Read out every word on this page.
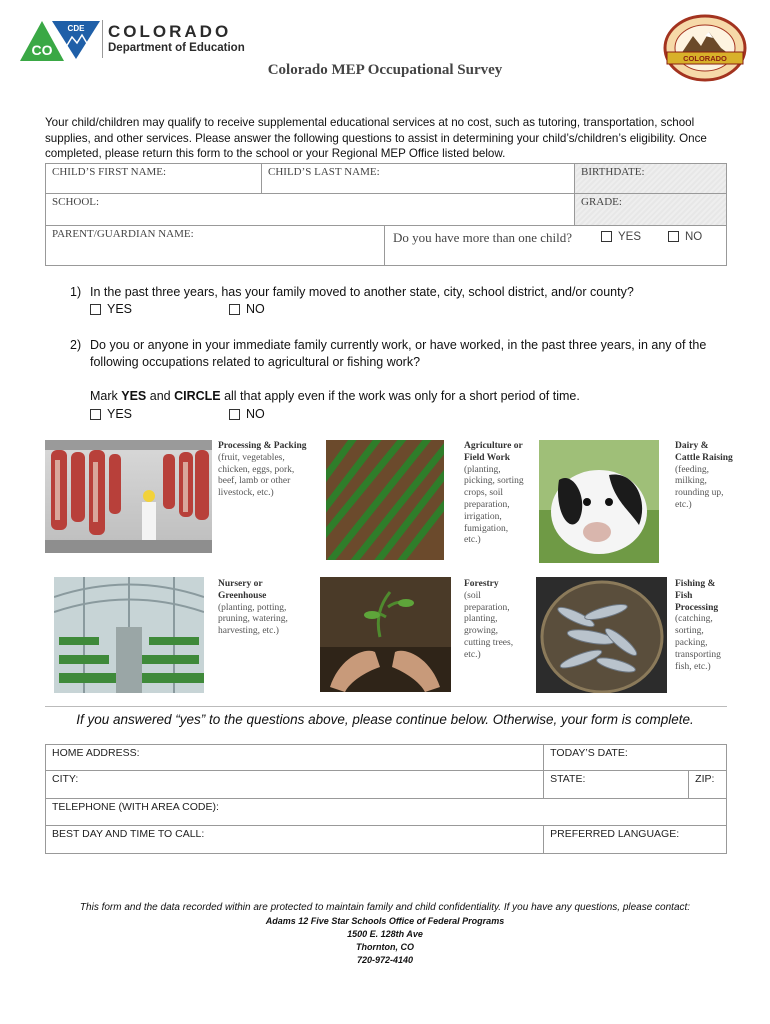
CO
CDE COLORADO
Department of Education
COLORADO
Colorado MEP Occupational Survey
Your child/children may qualify to receive supplemental educational services at no cost, such as tutoring, transportation, school supplies, and other services. Please answer the following questions to assist in determining your child’s/children’s eligibility. Once completed, please return this form to the school or your Regional MEP Office listed below.
CHILD’S FIRST NAME:	CHILD’S LAST NAME:	BIRTHDATE:
SCHOOL:		GRADE:
PARENT/GUARDIAN NAME: Do you have more than one child? YES NO		
1) In the past three years, has your family moved to another state, city, school district, and/or county?
YES	NO
2) Do you or anyone in your immediate family currently work, or have worked, in the past three years, in any of the following occupations related to agricultural or fishing work?
Mark YES and CIRCLE all that apply even if the work was only for a short period of time.
YES	NO
Processing & Packing
(fruit, vegetables, chicken, eggs, pork, beef, lamb or other livestock, etc.)
Agriculture or Field Work
(planting, picking, sorting crops, soil preparation, irrigation, fumigation, etc.)
Dairy & Cattle Raising
(feeding, milking, rounding up, etc.)
Nursery or Greenhouse
(planting, potting, pruning, watering, harvesting, etc.)
Forestry
(soil preparation, planting, growing, cutting trees, etc.)
Fishing & Fish Processing
(catching, sorting, packing, transporting fish, etc.)
If you answered “yes” to the questions above, please continue below. Otherwise, your form is complete.
HOME ADDRESS:	TODAY’S DATE:	
CITY:	STATE:	ZIP:
TELEPHONE (WITH AREA CODE):		
BEST DAY AND TIME TO CALL:	PREFERRED LANGUAGE:	
This form and the data recorded within are protected to maintain family and child confidentiality. If you have any questions, please contact:
Adams 12 Five Star Schools Office of Federal Programs
1500 E. 128th Ave
Thornton, CO
720-972-4140
